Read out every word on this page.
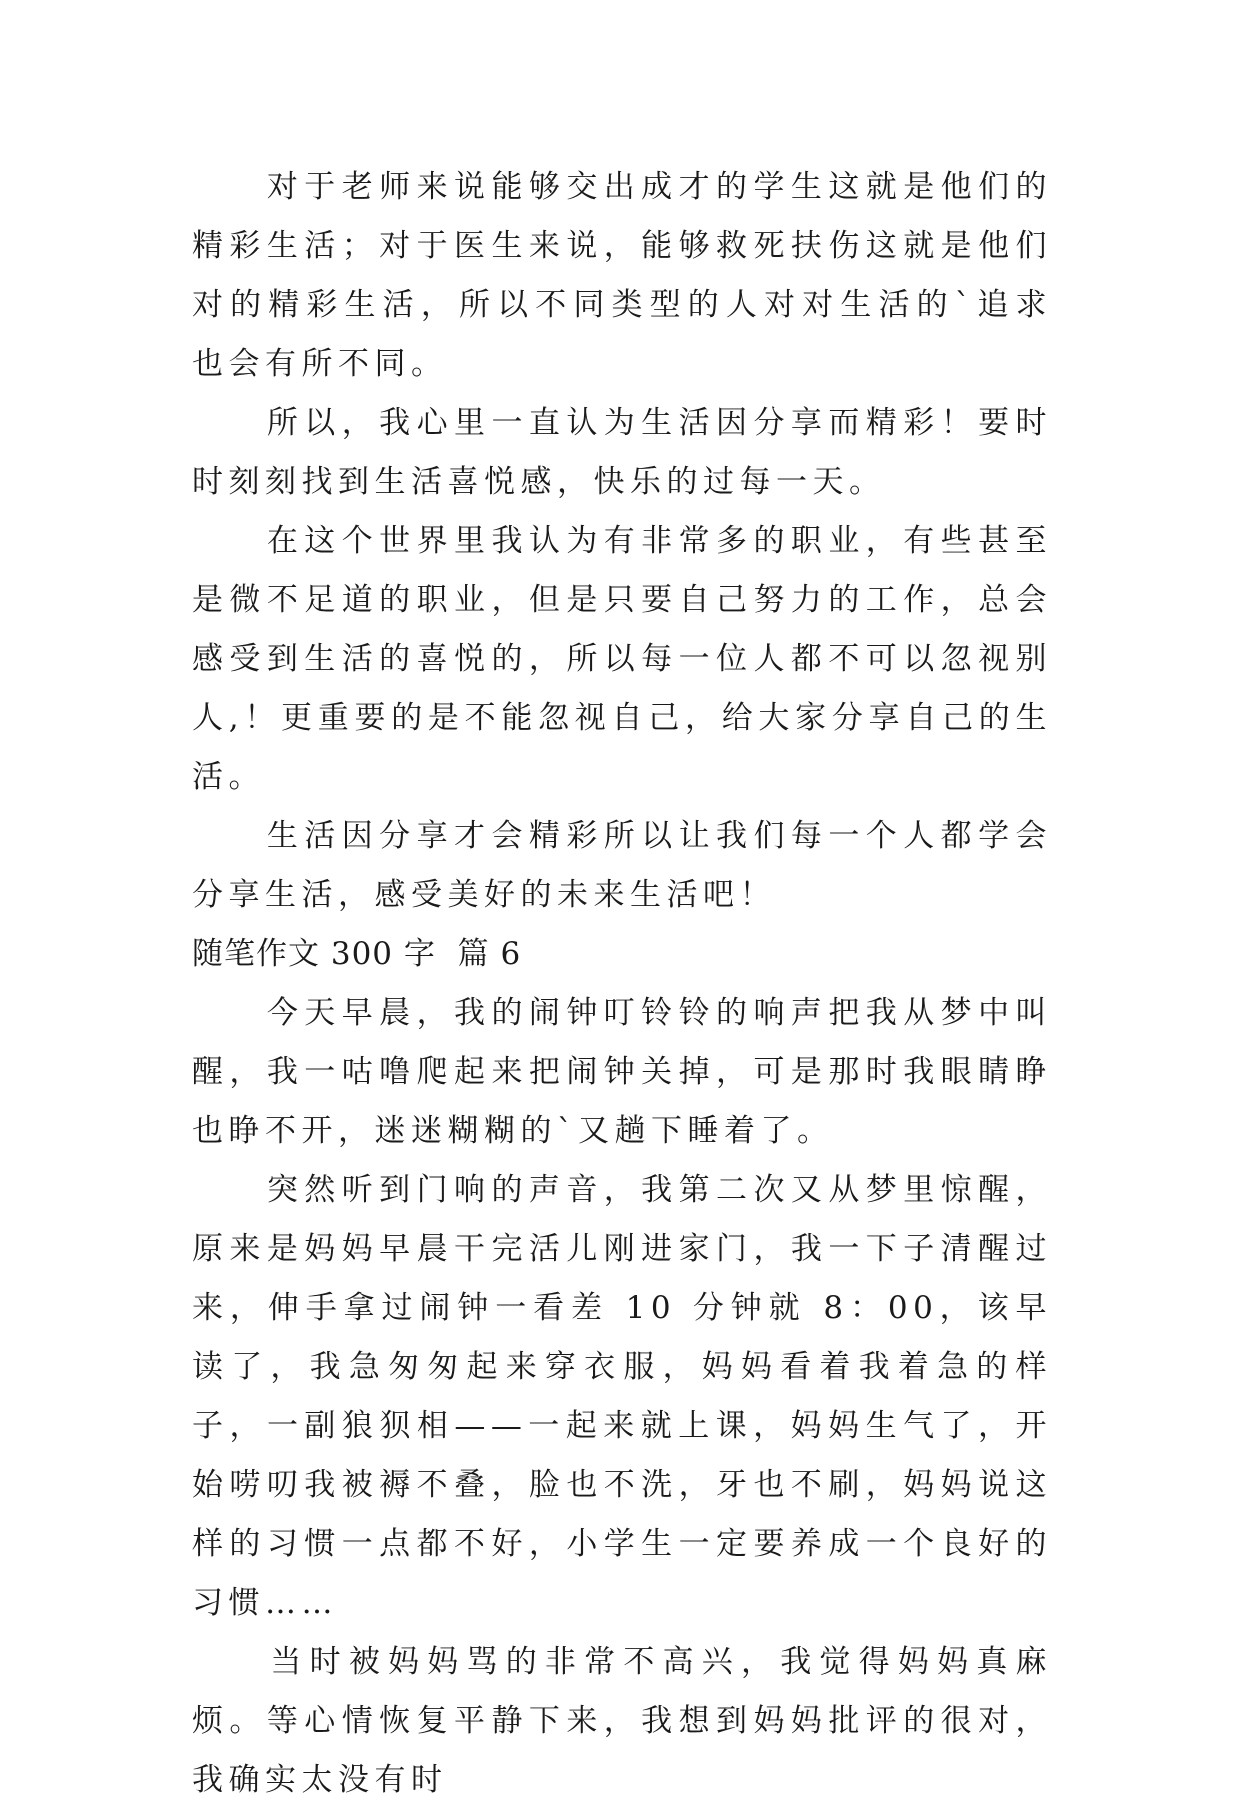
　　对于老师来说能够交出成才的学生这就是他们的精彩生活；对于医生来说，能够救死扶伤这就是他们对的精彩生活，所以不同类型的人对对生活的`追求也会有所不同。

　　所以，我心里一直认为生活因分享而精彩！要时时刻刻找到生活喜悦感，快乐的过每一天。

　　在这个世界里我认为有非常多的职业，有些甚至是微不足道的职业，但是只要自己努力的工作，总会感受到生活的喜悦的，所以每一位人都不可以忽视别人,！更重要的是不能忽视自己，给大家分享自己的生活。

　　生活因分享才会精彩所以让我们每一个人都学会分享生活，感受美好的未来生活吧！

随笔作文 300 字  篇 6

　　今天早晨，我的闹钟叮铃铃的响声把我从梦中叫醒，我一咕噜爬起来把闹钟关掉，可是那时我眼睛睁也睁不开，迷迷糊糊的`又趟下睡着了。

　　突然听到门响的声音，我第二次又从梦里惊醒，原来是妈妈早晨干完活儿刚进家门，我一下子清醒过来，伸手拿过闹钟一看差 10 分钟就 8：00，该早读了，我急匆匆起来穿衣服，妈妈看着我着急的样子，一副狼狈相——一起来就上课，妈妈生气了，开始唠叨我被褥不叠，脸也不洗，牙也不刷，妈妈说这样的习惯一点都不好，小学生一定要养成一个良好的习惯……

　　当时被妈妈骂的非常不高兴，我觉得妈妈真麻烦。等心情恢复平静下来，我想到妈妈批评的很对，我确实太没有时
